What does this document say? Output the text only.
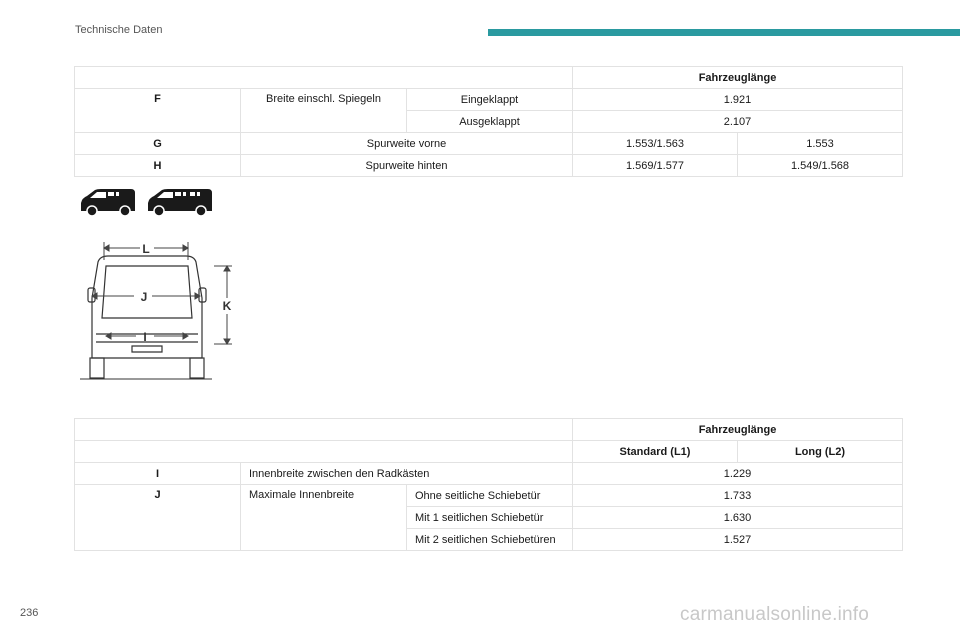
Technische Daten
			Fahrzeuglänge	
F	Breite einschl. Spiegeln	Eingeklappt	1.921	
		Ausgeklappt	2.107	
G	Spurweite vorne		1.553/1.563	1.553
H	Spurweite hinten		1.569/1.577	1.549/1.568
L
J
I
K
			Fahrzeuglänge	
			Standard (L1)	Long (L2)
I	Innenbreite zwischen den Radkästen		1.229	
J	Maximale Innenbreite	Ohne seitliche Schiebetür	1.733	
		Mit 1 seitlichen Schiebetür	1.630	
		Mit 2 seitlichen Schiebetüren	1.527	
236	carmanualsonline.info
